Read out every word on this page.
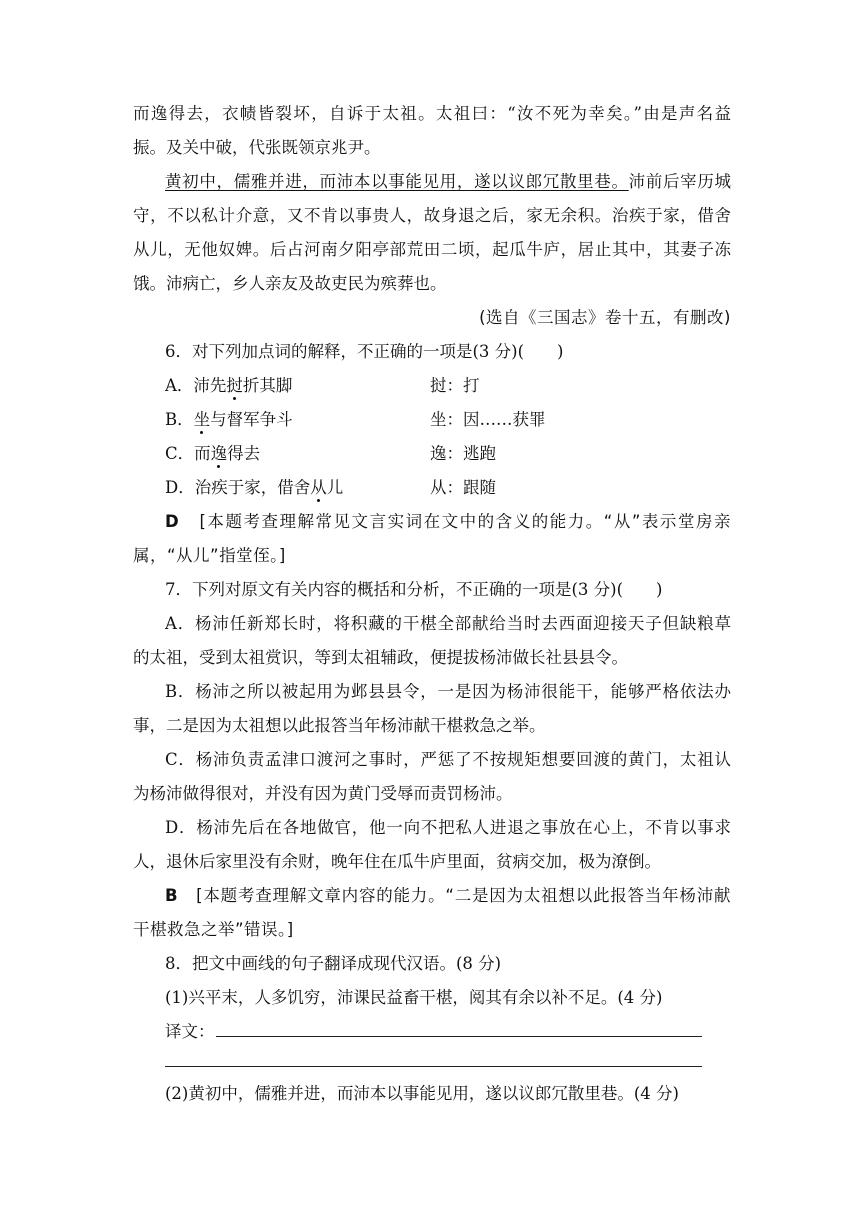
而逸得去，衣帻皆裂坏，自诉于太祖。太祖曰：“汝不死为幸矣。”由是声名益
振。及关中破，代张既领京兆尹。
黄初中，儒雅并进，而沛本以事能见用，遂以议郎冗散里巷。沛前后宰历城
守，不以私计介意，又不肯以事贵人，故身退之后，家无余积。治疾于家，借舍
从儿，无他奴婢。后占河南夕阳亭部荒田二顷，起瓜牛庐，居止其中，其妻子冻
饿。沛病亡，乡人亲友及故吏民为殡葬也。
(选自《三国志》卷十五，有删改)
6．对下列加点词的解释，不正确的一项是(3 分)(　　)
A．沛先挝折其脚	挝：打
B．坐与督军争斗	坐：因……获罪
C．而逸得去	逸：逃跑
D．治疾于家，借舍从儿	从：跟随
D [本题考查理解常见文言实词在文中的含义的能力。“从”表示堂房亲
属，“从儿”指堂侄。]
7．下列对原文有关内容的概括和分析，不正确的一项是(3 分)(　　)
A．杨沛任新郑长时，将积藏的干椹全部献给当时去西面迎接天子但缺粮草
的太祖，受到太祖赏识，等到太祖辅政，便提拔杨沛做长社县县令。
B．杨沛之所以被起用为邺县县令，一是因为杨沛很能干，能够严格依法办
事，二是因为太祖想以此报答当年杨沛献干椹救急之举。
C．杨沛负责孟津口渡河之事时，严惩了不按规矩想要回渡的黄门，太祖认
为杨沛做得很对，并没有因为黄门受辱而责罚杨沛。
D．杨沛先后在各地做官，他一向不把私人进退之事放在心上，不肯以事求
人，退休后家里没有余财，晚年住在瓜牛庐里面，贫病交加，极为潦倒。
B [本题考查理解文章内容的能力。“二是因为太祖想以此报答当年杨沛献
干椹救急之举”错误。]
8．把文中画线的句子翻译成现代汉语。(8 分)
(1)兴平末，人多饥穷，沛课民益畜干椹，阅其有余以补不足。(4 分)
译文：
(2)黄初中，儒雅并进，而沛本以事能见用，遂以议郎冗散里巷。(4 分)
